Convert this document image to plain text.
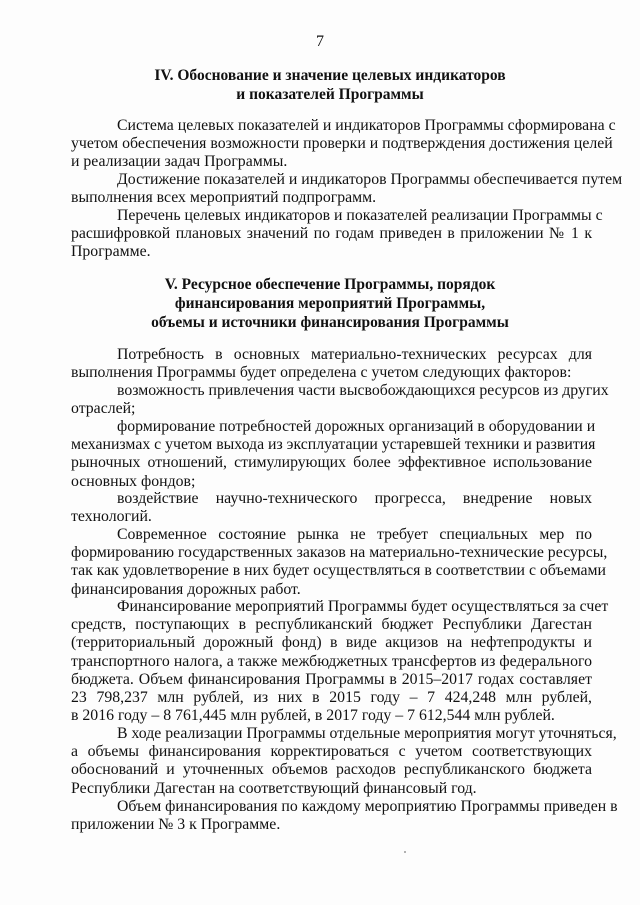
7
IV. Обоснование и значение целевых индикаторов
и показателей Программы
Система целевых показателей и индикаторов Программы сформирована с
учетом обеспечения возможности проверки и подтверждения достижения целей
и реализации задач Программы.
Достижение показателей и индикаторов Программы обеспечивается путем
выполнения всех мероприятий подпрограмм.
Перечень целевых индикаторов и показателей реализации Программы с
расшифровкой плановых значений по годам приведен в приложении № 1 к
Программе.
V. Ресурсное обеспечение Программы, порядок
финансирования мероприятий Программы,
объемы и источники финансирования Программы
Потребность в основных материально-технических ресурсах для
выполнения Программы будет определена с учетом следующих факторов:
возможность привлечения части высвобождающихся ресурсов из других
отраслей;
формирование потребностей дорожных организаций в оборудовании и
механизмах с учетом выхода из эксплуатации устаревшей техники и развития
рыночных отношений, стимулирующих более эффективное использование
основных фондов;
воздействие научно-технического прогресса, внедрение новых
технологий.
Современное состояние рынка не требует специальных мер по
формированию государственных заказов на материально-технические ресурсы,
так как удовлетворение в них будет осуществляться в соответствии с объемами
финансирования дорожных работ.
Финансирование мероприятий Программы будет осуществляться за счет
средств, поступающих в республиканский бюджет Республики Дагестан
(территориальный дорожный фонд) в виде акцизов на нефтепродукты и
транспортного налога, а также межбюджетных трансфертов из федерального
бюджета. Объем финансирования Программы в 2015–2017 годах составляет
23 798,237 млн рублей, из них в 2015 году – 7 424,248 млн рублей,
в 2016 году – 8 761,445 млн рублей, в 2017 году – 7 612,544 млн рублей.
В ходе реализации Программы отдельные мероприятия могут уточняться,
а объемы финансирования корректироваться с учетом соответствующих
обоснований и уточненных объемов расходов республиканского бюджета
Республики Дагестан на соответствующий финансовый год.
Объем финансирования по каждому мероприятию Программы приведен в
приложении № 3 к Программе.
